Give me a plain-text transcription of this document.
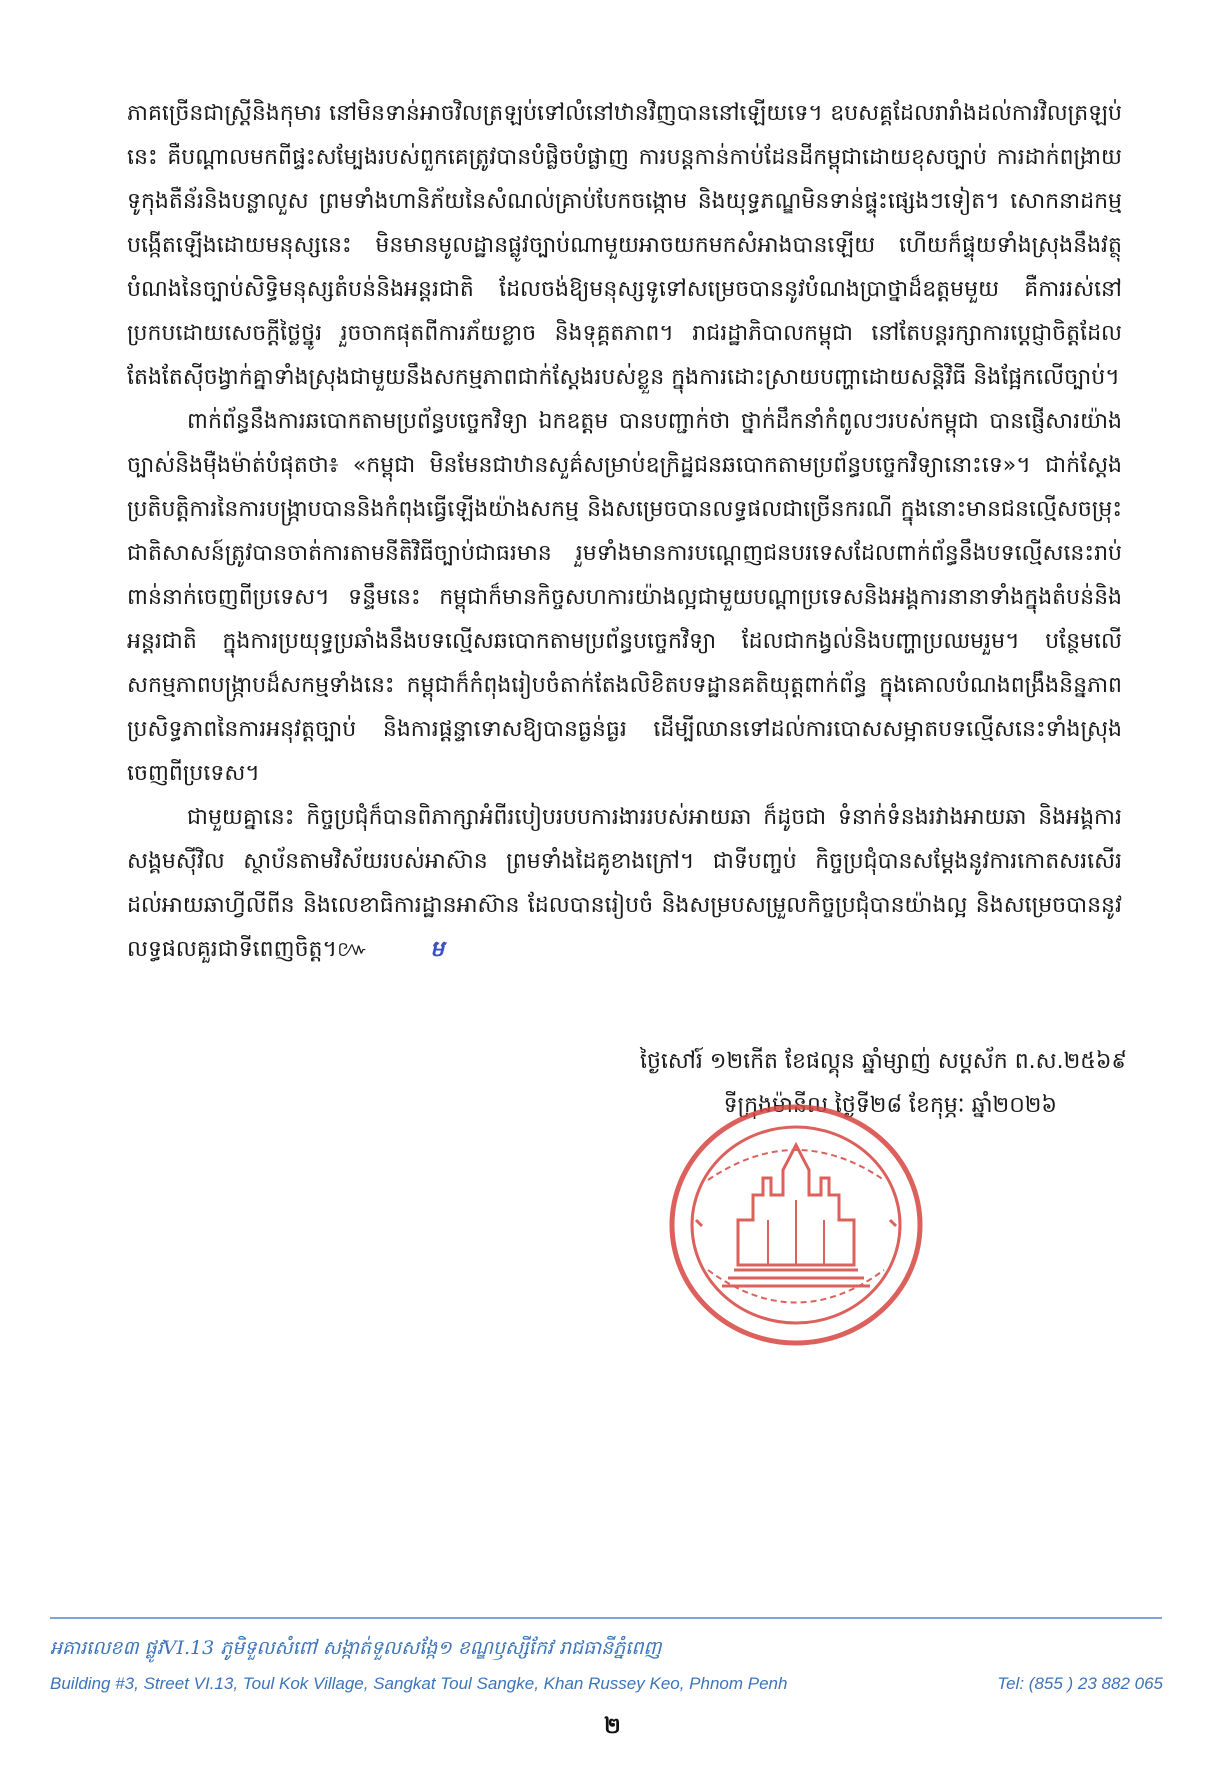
ភាគច្រើនជាស្ត្រីនិងកុមារ នៅមិនទាន់អាចវិលត្រឡប់ទៅលំនៅឋានវិញបាននៅឡើយទេ។ ឧបសគ្គដែលរារាំងដល់ការវិលត្រឡប់នេះ គឺបណ្ដាលមកពីផ្ទះសម្បែងរបស់ពួកគេត្រូវបានបំផ្លិចបំផ្លាញ ការបន្តកាន់កាប់ដែនដីកម្ពុជាដោយខុសច្បាប់ ការដាក់ពង្រាយទូកុងតឺន័រនិងបន្លាលួស ព្រមទាំងហានិភ័យនៃសំណល់គ្រាប់បែកចង្កោម និងយុទ្ធភណ្ឌមិនទាន់ផ្ទុះផ្សេងៗទៀត។ សោកនាដកម្ម បង្កើតឡើងដោយមនុស្សនេះ មិនមានមូលដ្ឋានផ្លូវច្បាប់ណាមួយអាចយកមកសំអាងបានឡើយ ហើយក៏ផ្ទុយទាំងស្រុងនឹងវត្ថុបំណងនៃច្បាប់សិទ្ធិមនុស្សតំបន់និងអន្តរជាតិ ដែលចង់ឱ្យមនុស្សទូទៅសម្រេចបាននូវបំណងប្រាថ្នាដ៏ឧត្តមមួយ គឺការរស់នៅប្រកបដោយសេចក្តីថ្លៃថ្នូរ រួចចាកផុតពីការភ័យខ្លាច និងទុគ្គតភាព។ រាជរដ្ឋាភិបាលកម្ពុជា នៅតែបន្តរក្សាការប្តេជ្ញាចិត្តដែលតែងតែស៊ីចង្វាក់គ្នាទាំងស្រុងជាមួយនឹងសកម្មភាពជាក់ស្តែងរបស់ខ្លួន ក្នុងការដោះស្រាយបញ្ហាដោយសន្តិវិធី និងផ្អែកលើច្បាប់។

ពាក់ព័ន្ធនឹងការឆបោកតាមប្រព័ន្ធបច្ចេកវិទ្យា ឯកឧត្តម បានបញ្ជាក់ថា ថ្នាក់ដឹកនាំកំពូលៗរបស់កម្ពុជា បានផ្ញើសារយ៉ាងច្បាស់និងម៉ឺងម៉ាត់បំផុតថា៖ «កម្ពុជា មិនមែនជាឋានសួគ៌សម្រាប់ឧក្រិដ្ឋជនឆបោកតាមប្រព័ន្ធបច្ចេកវិទ្យានោះទេ»។ ជាក់ស្តែង ប្រតិបត្តិការនៃការបង្ក្រាបបាននិងកំពុងធ្វើឡើងយ៉ាងសកម្ម និងសម្រេចបានលទ្ធផលជាច្រើនករណី ក្នុងនោះមានជនល្មើសចម្រុះជាតិសាសន៍ត្រូវបានចាត់ការតាមនីតិវិធីច្បាប់ជាធរមាន រួមទាំងមានការបណ្តេញជនបរទេសដែលពាក់ព័ន្ធនឹងបទល្មើសនេះរាប់ពាន់នាក់ចេញពីប្រទេស។ ទន្ទឹមនេះ កម្ពុជាក៏មានកិច្ចសហការយ៉ាងល្អជាមួយបណ្តាប្រទេសនិងអង្គការនានាទាំងក្នុងតំបន់និងអន្តរជាតិ ក្នុងការប្រយុទ្ធប្រឆាំងនឹងបទល្មើសឆបោកតាមប្រព័ន្ធបច្ចេកវិទ្យា ដែលជាកង្វល់និងបញ្ហាប្រឈមរួម។ បន្ថែមលើសកម្មភាពបង្ក្រាបដ៏សកម្មទាំងនេះ កម្ពុជាក៏កំពុងរៀបចំតាក់តែងលិខិតបទដ្ឋានគតិយុត្តពាក់ព័ន្ធ ក្នុងគោលបំណងពង្រឹងនិន្នភាព ប្រសិទ្ធភាពនៃការអនុវត្តច្បាប់ និងការផ្តន្ទាទោសឱ្យបានធ្ងន់ធ្ងរ ដើម្បីឈានទៅដល់ការបោសសម្អាតបទល្មើសនេះទាំងស្រុងចេញពីប្រទេស។

ជាមួយគ្នានេះ កិច្ចប្រជុំក៏បានពិភាក្សាអំពីរបៀបរបបការងាររបស់អាយឆា ក៏ដូចជា ទំនាក់ទំនងរវាងអាយឆា និងអង្គការសង្គមស៊ីវិល ស្ថាប័នតាមវិស័យរបស់អាស៊ាន ព្រមទាំងដៃគូខាងក្រៅ។ ជាទីបញ្ចប់ កិច្ចប្រជុំបានសម្តែងនូវការកោតសរសើរដល់អាយឆាហ្វីលីពីន និងលេខាធិការដ្ឋានអាស៊ាន ដែលបានរៀបចំ និងសម្របសម្រួលកិច្ចប្រជុំបានយ៉ាងល្អ និងសម្រេចបាននូវលទ្ធផលគួរជាទីពេញចិត្ត។៚	ម

ថ្ងៃសៅរ៍ ១២កើត ខែផល្គុន ឆ្នាំម្សាញ់ សប្តស័ក ព.ស.២៥៦៩
ទីក្រុងម៉ានីល ថ្ងៃទី២៨ ខែកុម្ភៈ ឆ្នាំ២០២៦
អគារលេខ៣ ផ្លូវVI.13 ភូមិទួលសំពៅ សង្កាត់ទួលសង្កែ១ ខណ្ឌឫស្សីកែវ រាជធានីភ្នំពេញ
Building #3, Street VI.13, Toul Kok Village, Sangkat Toul Sangke, Khan Russey Keo, Phnom Penh	Tel: (855 ) 23 882 065
២
